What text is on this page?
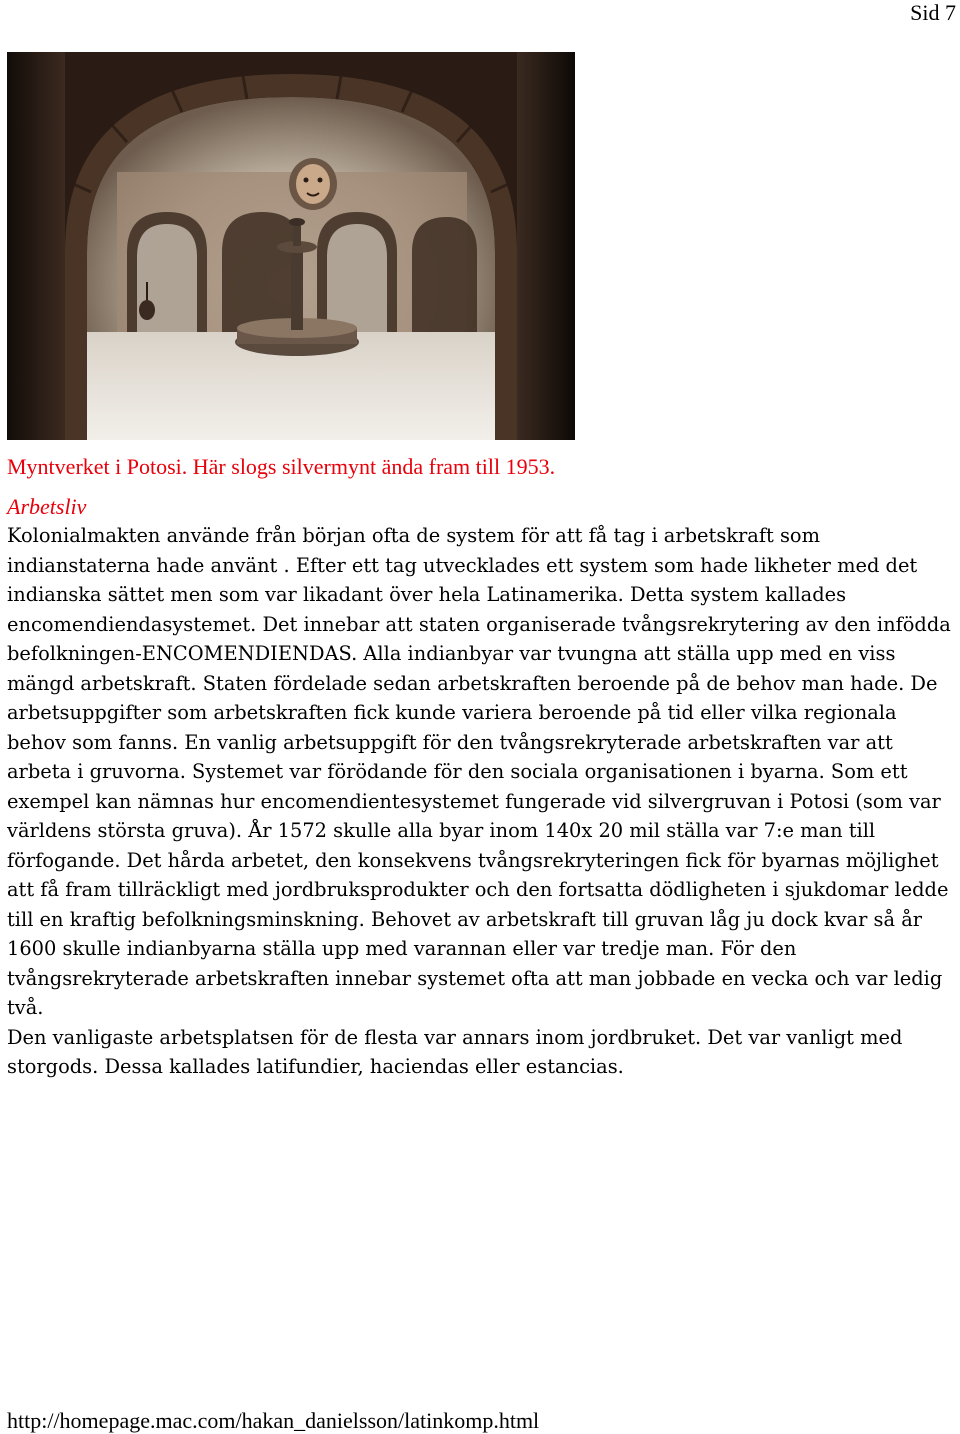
Sid 7
Myntverket i Potosi. Här slogs silvermynt ända fram till 1953.
Arbetsliv

Kolonialmakten använde från början ofta de system för att få tag i arbetskraft som indianstaterna hade använt . Efter ett tag utvecklades ett system som hade likheter med det indianska sättet men som var likadant över hela Latinamerika. Detta system kallades encomendiendasystemet. Det innebar att staten organiserade tvångsrekrytering av den infödda befolkningen-ENCOMENDIENDAS. Alla indianbyar var tvungna att ställa upp med en viss mängd arbetskraft. Staten fördelade sedan arbetskraften beroende på de behov man hade. De arbetsuppgifter som arbetskraften fick kunde variera beroende på tid eller vilka regionala behov som fanns. En vanlig arbetsuppgift för den tvångsrekryterade arbetskraften var att arbeta i gruvorna. Systemet var förödande för den sociala organisationen i byarna. Som ett exempel kan nämnas hur encomendientesystemet fungerade vid silvergruvan i Potosi (som var världens största gruva). År 1572 skulle alla byar inom 140x 20 mil ställa var 7:e man till förfogande. Det hårda arbetet, den konsekvens tvångsrekryteringen fick för byarnas möjlighet att få fram tillräckligt med jordbruksprodukter och den fortsatta dödligheten i sjukdomar ledde till en kraftig befolkningsminskning. Behovet av arbetskraft till gruvan låg ju dock kvar så år 1600 skulle indianbyarna ställa upp med varannan eller var tredje man. För den tvångsrekryterade arbetskraften innebar systemet ofta att man jobbade en vecka och var ledig två.

Den vanligaste arbetsplatsen för de flesta var annars inom jordbruket. Det var vanligt med storgods. Dessa kallades latifundier, haciendas eller estancias.

http://homepage.mac.com/hakan_danielsson/latinkomp.html
